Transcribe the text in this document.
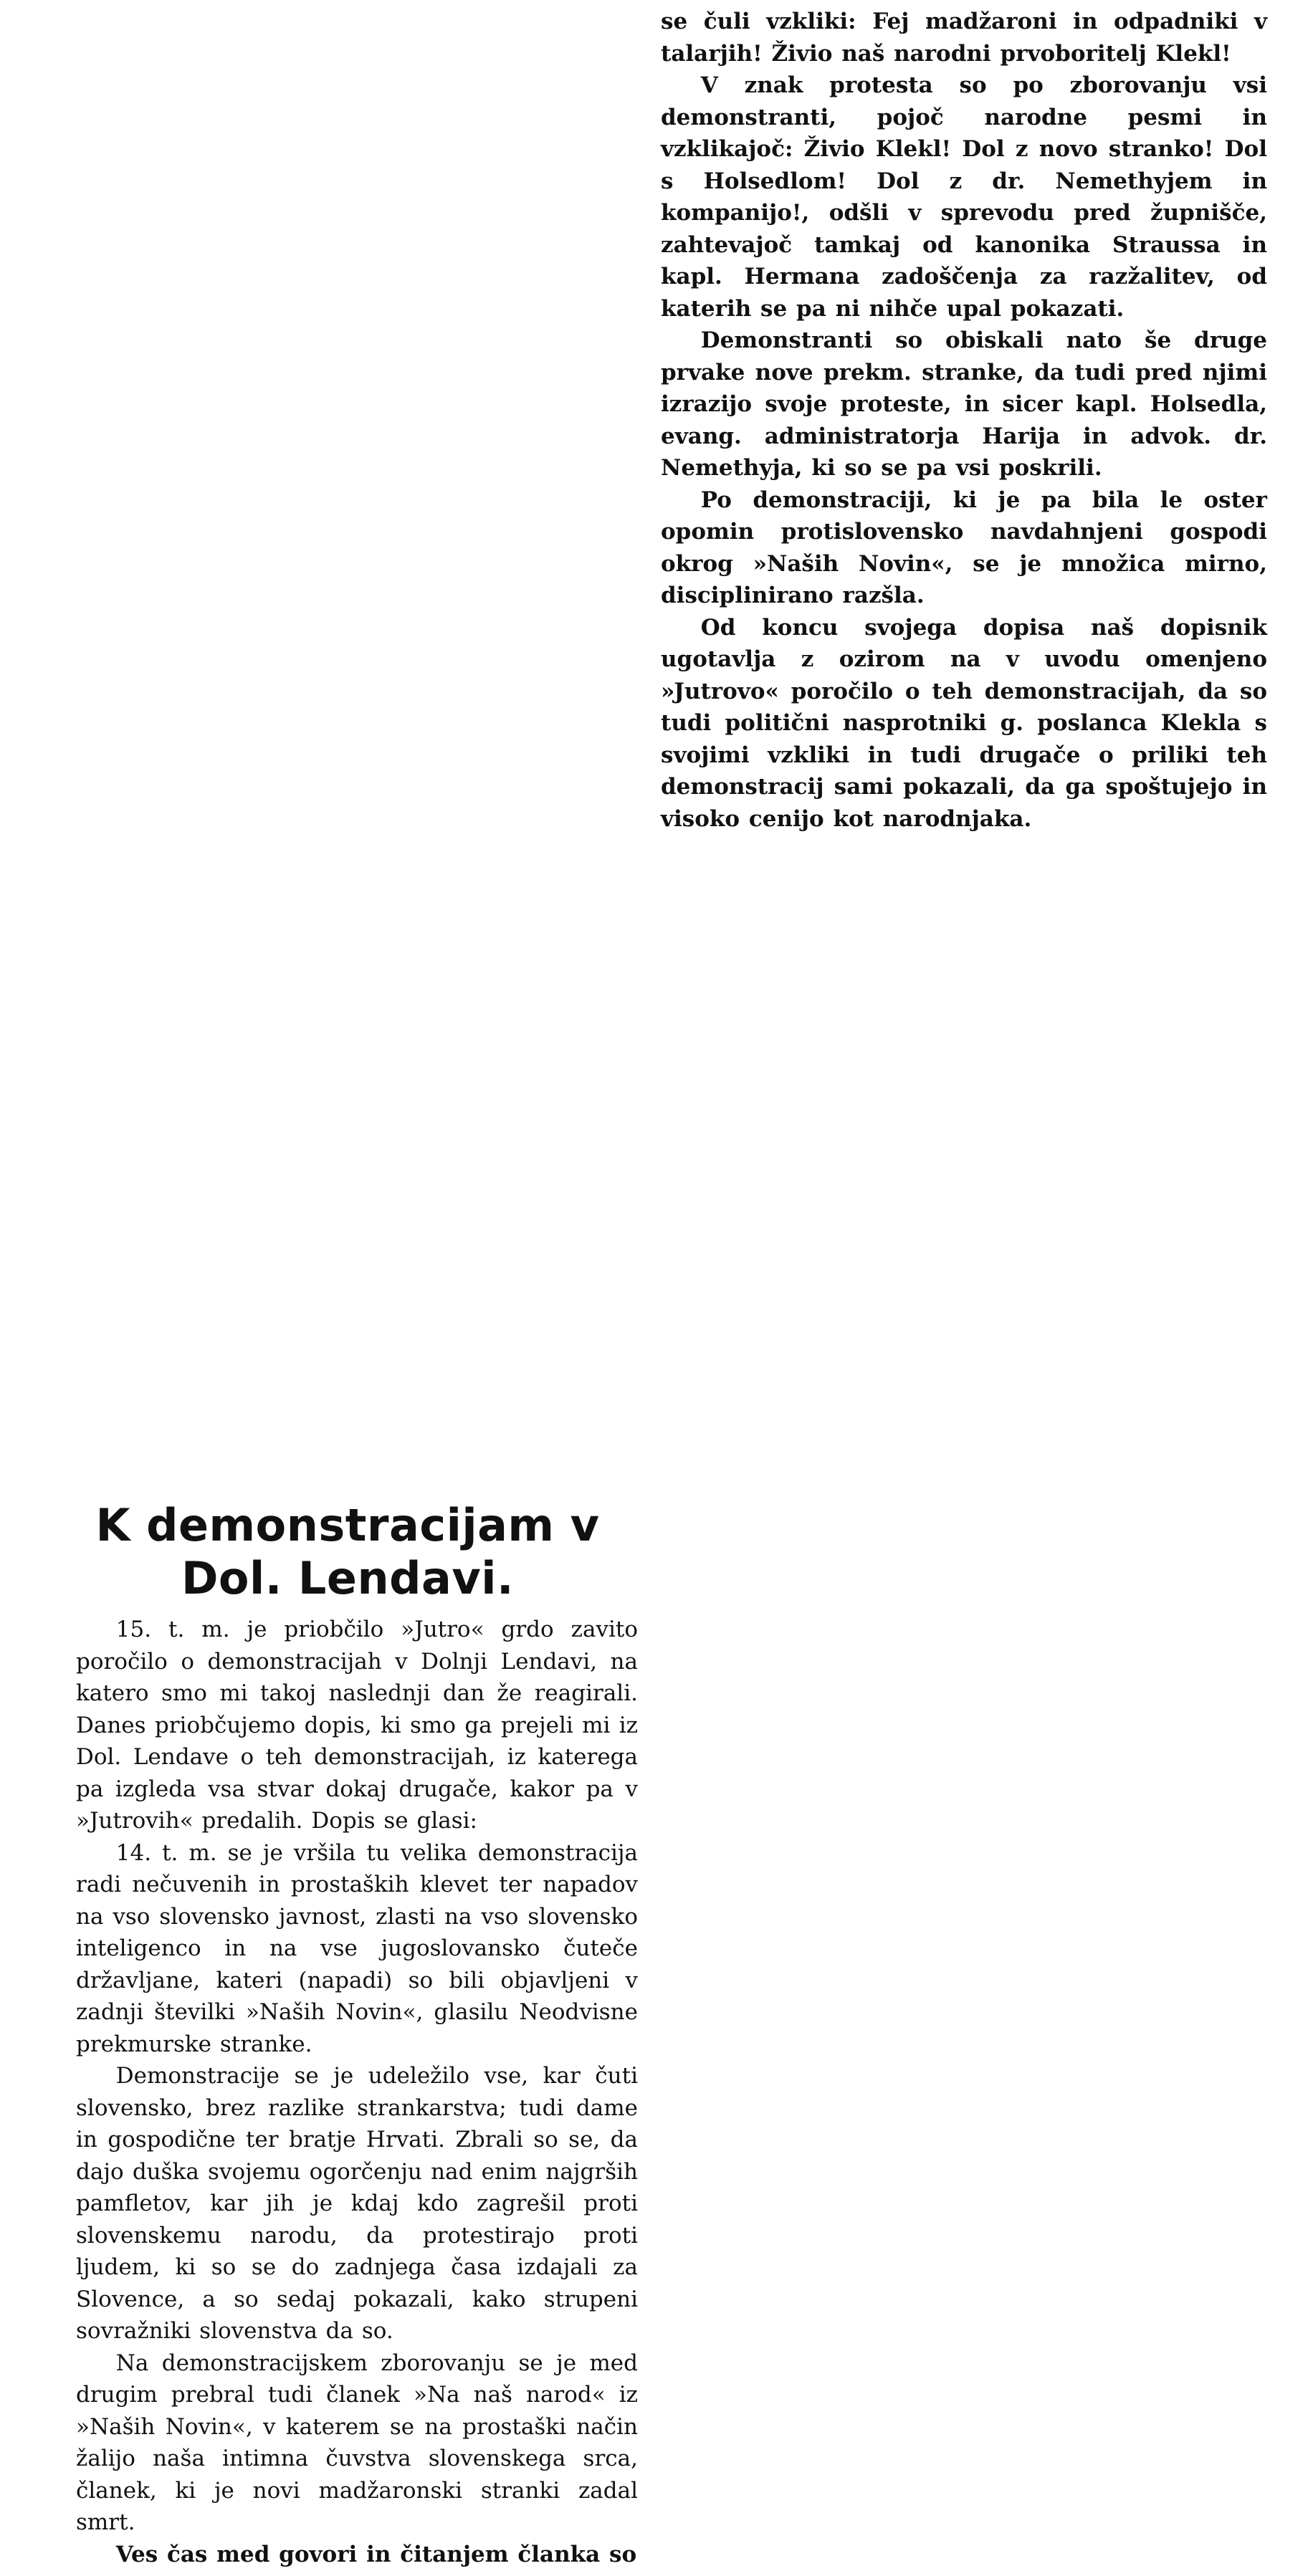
se čuli vzkliki: Fej madžaroni in odpadniki v talarjih! Živio naš narodni prvoboritelj Klekl!

V znak protesta so po zborovanju vsi demonstranti, pojoč narodne pesmi in vzklikajoč: Živio Klekl! Dol z novo stranko! Dol s Holsedlom! Dol z dr. Nemethyjem in kompanijo!, odšli v sprevodu pred župnišče, zahtevajoč tamkaj od kanonika Straussa in kapl. Hermana zadoščenja za razžalitev, od katerih se pa ni nihče upal pokazati.

Demonstranti so obiskali nato še druge prvake nove prekm. stranke, da tudi pred njimi izrazijo svoje proteste, in sicer kapl. Holsedla, evang. administratorja Harija in advok. dr. Nemethyja, ki so se pa vsi poskrili.

Po demonstraciji, ki je pa bila le oster opomin protislovensko navdahnjeni gospodi okrog »Naših Novin«, se je množica mirno, disciplinirano razšla.

Od koncu svojega dopisa naš dopisnik ugotavlja z ozirom na v uvodu omenjeno »Jutrovo« poročilo o teh demonstracijah, da so tudi politični nasprotniki g. poslanca Klekla s svojimi vzkliki in tudi drugače o priliki teh demonstracij sami pokazali, da ga spoštujejo in visoko cenijo kot narodnjaka.

K demonstracijam v
Dol. Lendavi.

15. t. m. je priobčilo »Jutro« grdo zavito poročilo o demonstracijah v Dolnji Lendavi, na katero smo mi takoj naslednji dan že reagirali. Danes priobčujemo dopis, ki smo ga prejeli mi iz Dol. Lendave o teh demonstracijah, iz katerega pa izgleda vsa stvar dokaj drugače, kakor pa v »Jutrovih« predalih. Dopis se glasi:

14. t. m. se je vršila tu velika demonstracija radi nečuvenih in prostaških klevet ter napadov na vso slovensko javnost, zlasti na vso slovensko inteligenco in na vse jugoslovansko čuteče državljane, kateri (napadi) so bili objavljeni v zadnji številki »Naših Novin«, glasilu Neodvisne prekmurske stranke.

Demonstracije se je udeležilo vse, kar čuti slovensko, brez razlike strankarstva; tudi dame in gospodične ter bratje Hrvati. Zbrali so se, da dajo duška svojemu ogorčenju nad enim najgrših pamfletov, kar jih je kdaj kdo zagrešil proti slovenskemu narodu, da protestirajo proti ljudem, ki so se do zadnjega časa izdajali za Slovence, a so sedaj pokazali, kako strupeni sovražniki slovenstva da so.

Na demonstracijskem zborovanju se je med drugim prebral tudi članek »Na naš narod« iz »Naših Novin«, v katerem se na prostaški način žalijo naša intimna čuvstva slovenskega srca, članek, ki je novi madžaronski stranki zadal smrt.

Ves čas med govori in čitanjem članka so
